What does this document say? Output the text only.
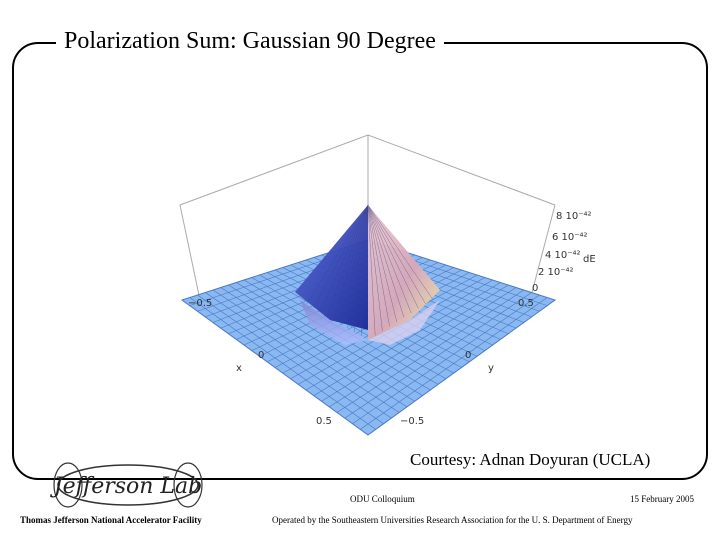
Polarization Sum: Gaussian 90 Degree
8 10⁻⁴²
6 10⁻⁴²
4 10⁻⁴²
2 10⁻⁴²
0
dE
−0.5
0
0.5
x
−0.5
0
0.5
y
Courtesy: Adnan Doyuran (UCLA)
Jefferson Lab
Thomas Jefferson National Accelerator Facility
ODU Colloquium	15 February 2005
Operated by the Southeastern Universities Research Association for the U. S. Department of Energy
